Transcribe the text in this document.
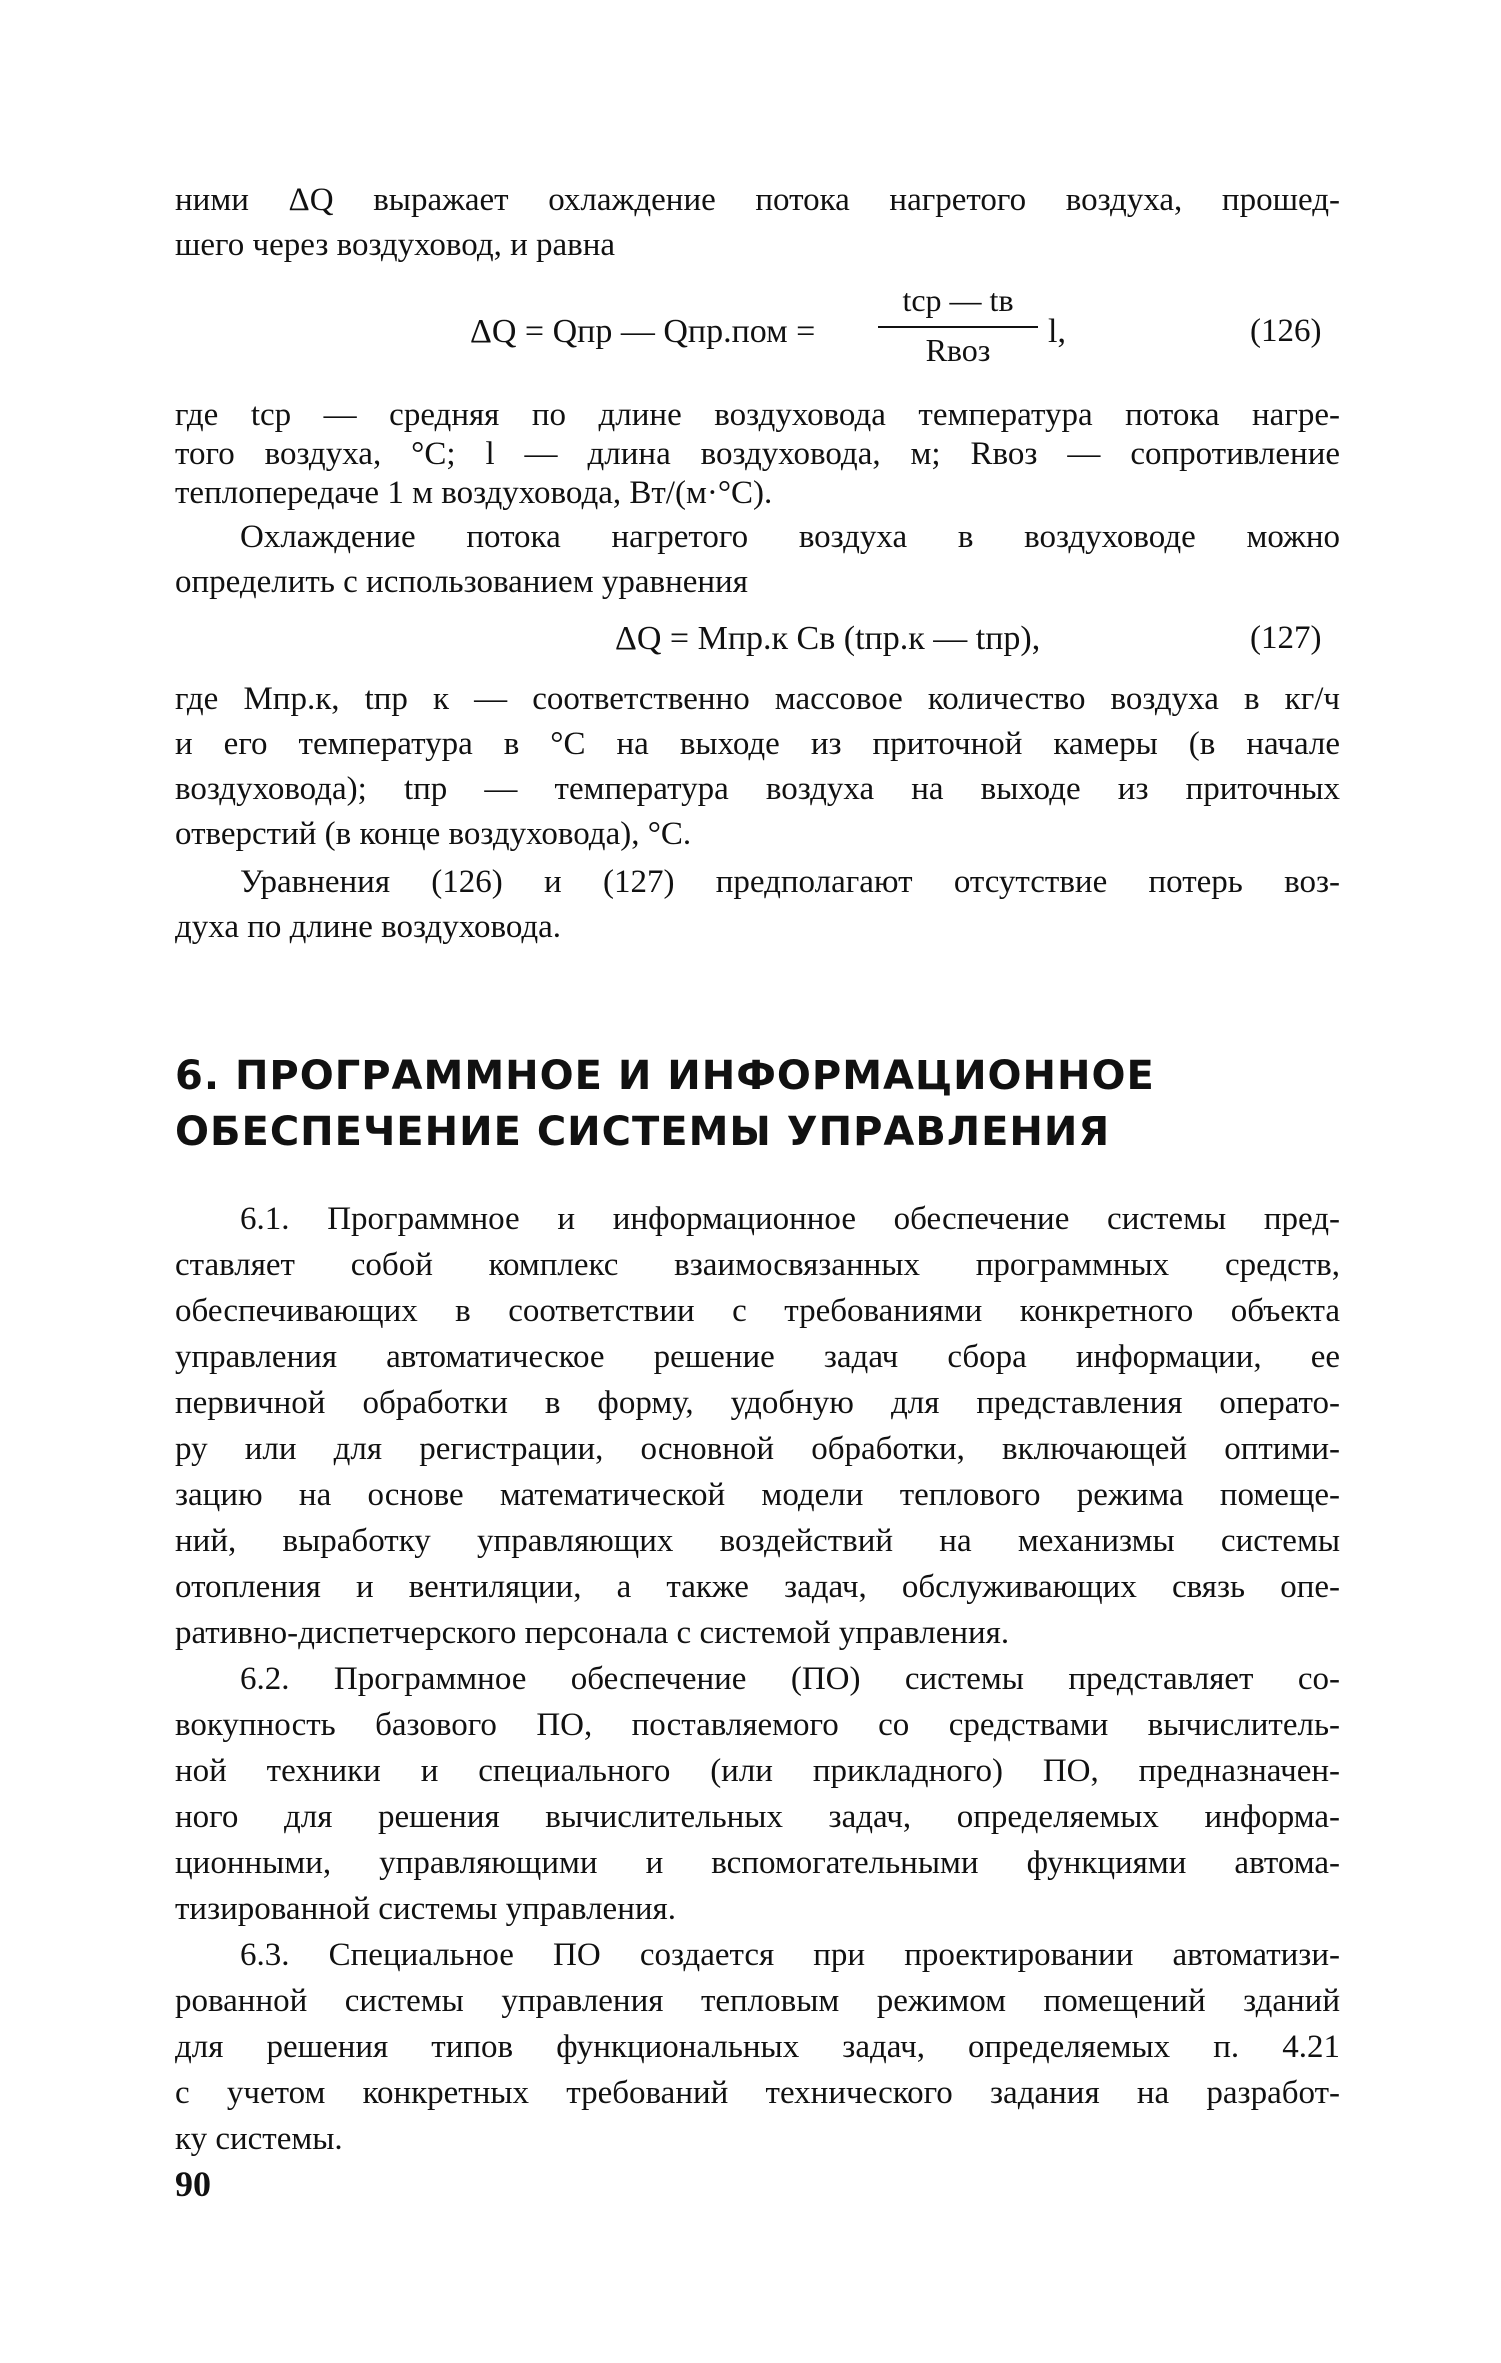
ними ΔQ выражает охлаждение потока нагретого воздуха, прошед-
шего через воздуховод, и равна
ΔQ = Qпр — Qпр.пом =
tср — tв
Rвоз	l,	(126)
где tср — средняя по длине воздуховода температура потока нагре-
того воздуха, °С; l — длина воздуховода, м; Rвоз — сопротивление
теплопередаче 1 м воздуховода, Вт/(м·°С).
Охлаждение потока нагретого воздуха в воздуховоде можно
определить с использованием уравнения
ΔQ = Mпр.к Cв (tпр.к — tпр),	(127)
где Mпр.к, tпр к — соответственно массовое количество воздуха в кг/ч
и его температура в °С на выходе из приточной камеры (в начале
воздуховода); tпр — температура воздуха на выходе из приточных
отверстий (в конце воздуховода), °С.
Уравнения (126) и (127) предполагают отсутствие потерь воз-
духа по длине воздуховода.
6. ПРОГРАММНОЕ И ИНФОРМАЦИОННОЕ
ОБЕСПЕЧЕНИЕ СИСТЕМЫ УПРАВЛЕНИЯ
6.1. Программное и информационное обеспечение системы пред-
ставляет собой комплекс взаимосвязанных программных средств,
обеспечивающих в соответствии с требованиями конкретного объекта
управления автоматическое решение задач сбора информации, ее
первичной обработки в форму, удобную для представления операто-
ру или для регистрации, основной обработки, включающей оптими-
зацию на основе математической модели теплового режима помеще-
ний, выработку управляющих воздействий на механизмы системы
отопления и вентиляции, а также задач, обслуживающих связь опе-
ративно-диспетчерского персонала с системой управления.
6.2. Программное обеспечение (ПО) системы представляет со-
вокупность базового ПО, поставляемого со средствами вычислитель-
ной техники и специального (или прикладного) ПО, предназначен-
ного для решения вычислительных задач, определяемых информа-
ционными, управляющими и вспомогательными функциями автома-
тизированной системы управления.
6.3. Специальное ПО создается при проектировании автоматизи-
рованной системы управления тепловым режимом помещений зданий
для решения типов функциональных задач, определяемых п. 4.21
с учетом конкретных требований технического задания на разработ-
ку системы.
90
